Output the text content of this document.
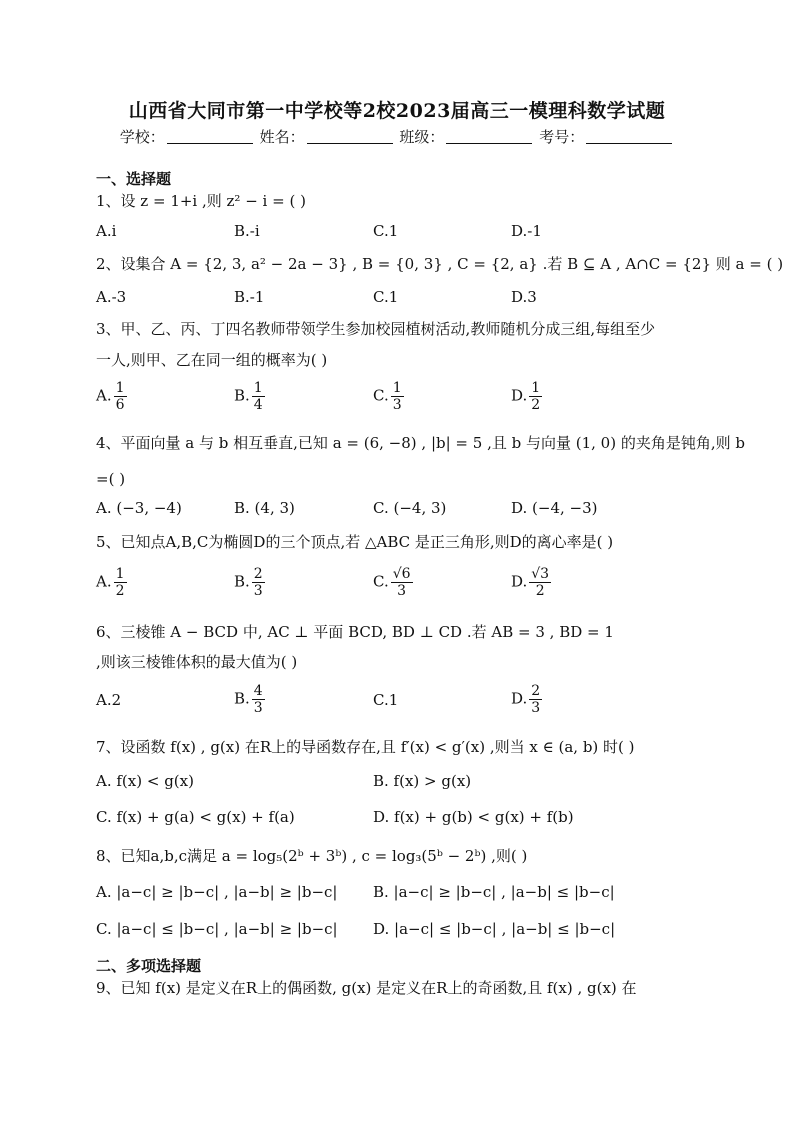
山西省大同市第一中学校等2校2023届高三一模理科数学试题
学校：	姓名：	班级：	考号：
一、选择题
1、设 z = 1+i ,则 z² − i = ( )
A.i	B.-i	C.1	D.-1
2、设集合 A = {2, 3, a² − 2a − 3} , B = {0, 3} , C = {2, a} .若 B ⊆ A , A∩C = {2} 则 a = ( )
A.-3	B.-1	C.1	D.3
3、甲、乙、丙、丁四名教师带领学生参加校园植树活动,教师随机分成三组,每组至少
一人,则甲、乙在同一组的概率为( )
A. $\frac{1}{6}$	B. $\frac{1}{4}$	C. $\frac{1}{3}$	D. $\frac{1}{2}$
4、平面向量 a 与 b 相互垂直,已知 a = (6, −8) , |b| = 5 ,且 b 与向量 (1, 0) 的夹角是钝角,则 b
=( )
A. (−3, −4)	B. (4, 3)	C. (−4, 3)	D. (−4, −3)
5、已知点A,B,C为椭圆D的三个顶点,若 △ABC 是正三角形,则D的离心率是( )
A. $\frac{1}{2}$	B. $\frac{2}{3}$	C. $\frac{√6}{3}$	D. $\frac{√3}{2}$
6、三棱锥 A − BCD 中, AC ⊥ 平面 BCD, BD ⊥ CD .若 AB = 3 , BD = 1
,则该三棱锥体积的最大值为( )
A.2	B. $\frac{4}{3}$	C.1	D. $\frac{2}{3}$
7、设函数 f(x) , g(x) 在R上的导函数存在,且 f′(x) < g′(x) ,则当 x ∈ (a, b) 时( )
A. f(x) < g(x)	B. f(x) > g(x)
C. f(x) + g(a) < g(x) + f(a)	D. f(x) + g(b) < g(x) + f(b)
8、已知a,b,c满足 a = log₅(2ᵇ + 3ᵇ) , c = log₃(5ᵇ − 2ᵇ) ,则( )
A. |a−c| ≥ |b−c| , |a−b| ≥ |b−c| B. |a−c| ≥ |b−c| , |a−b| ≤ |b−c|
C. |a−c| ≤ |b−c| , |a−b| ≥ |b−c| D. |a−c| ≤ |b−c| , |a−b| ≤ |b−c|
二、多项选择题
9、已知 f(x) 是定义在R上的偶函数, g(x) 是定义在R上的奇函数,且 f(x) , g(x) 在
